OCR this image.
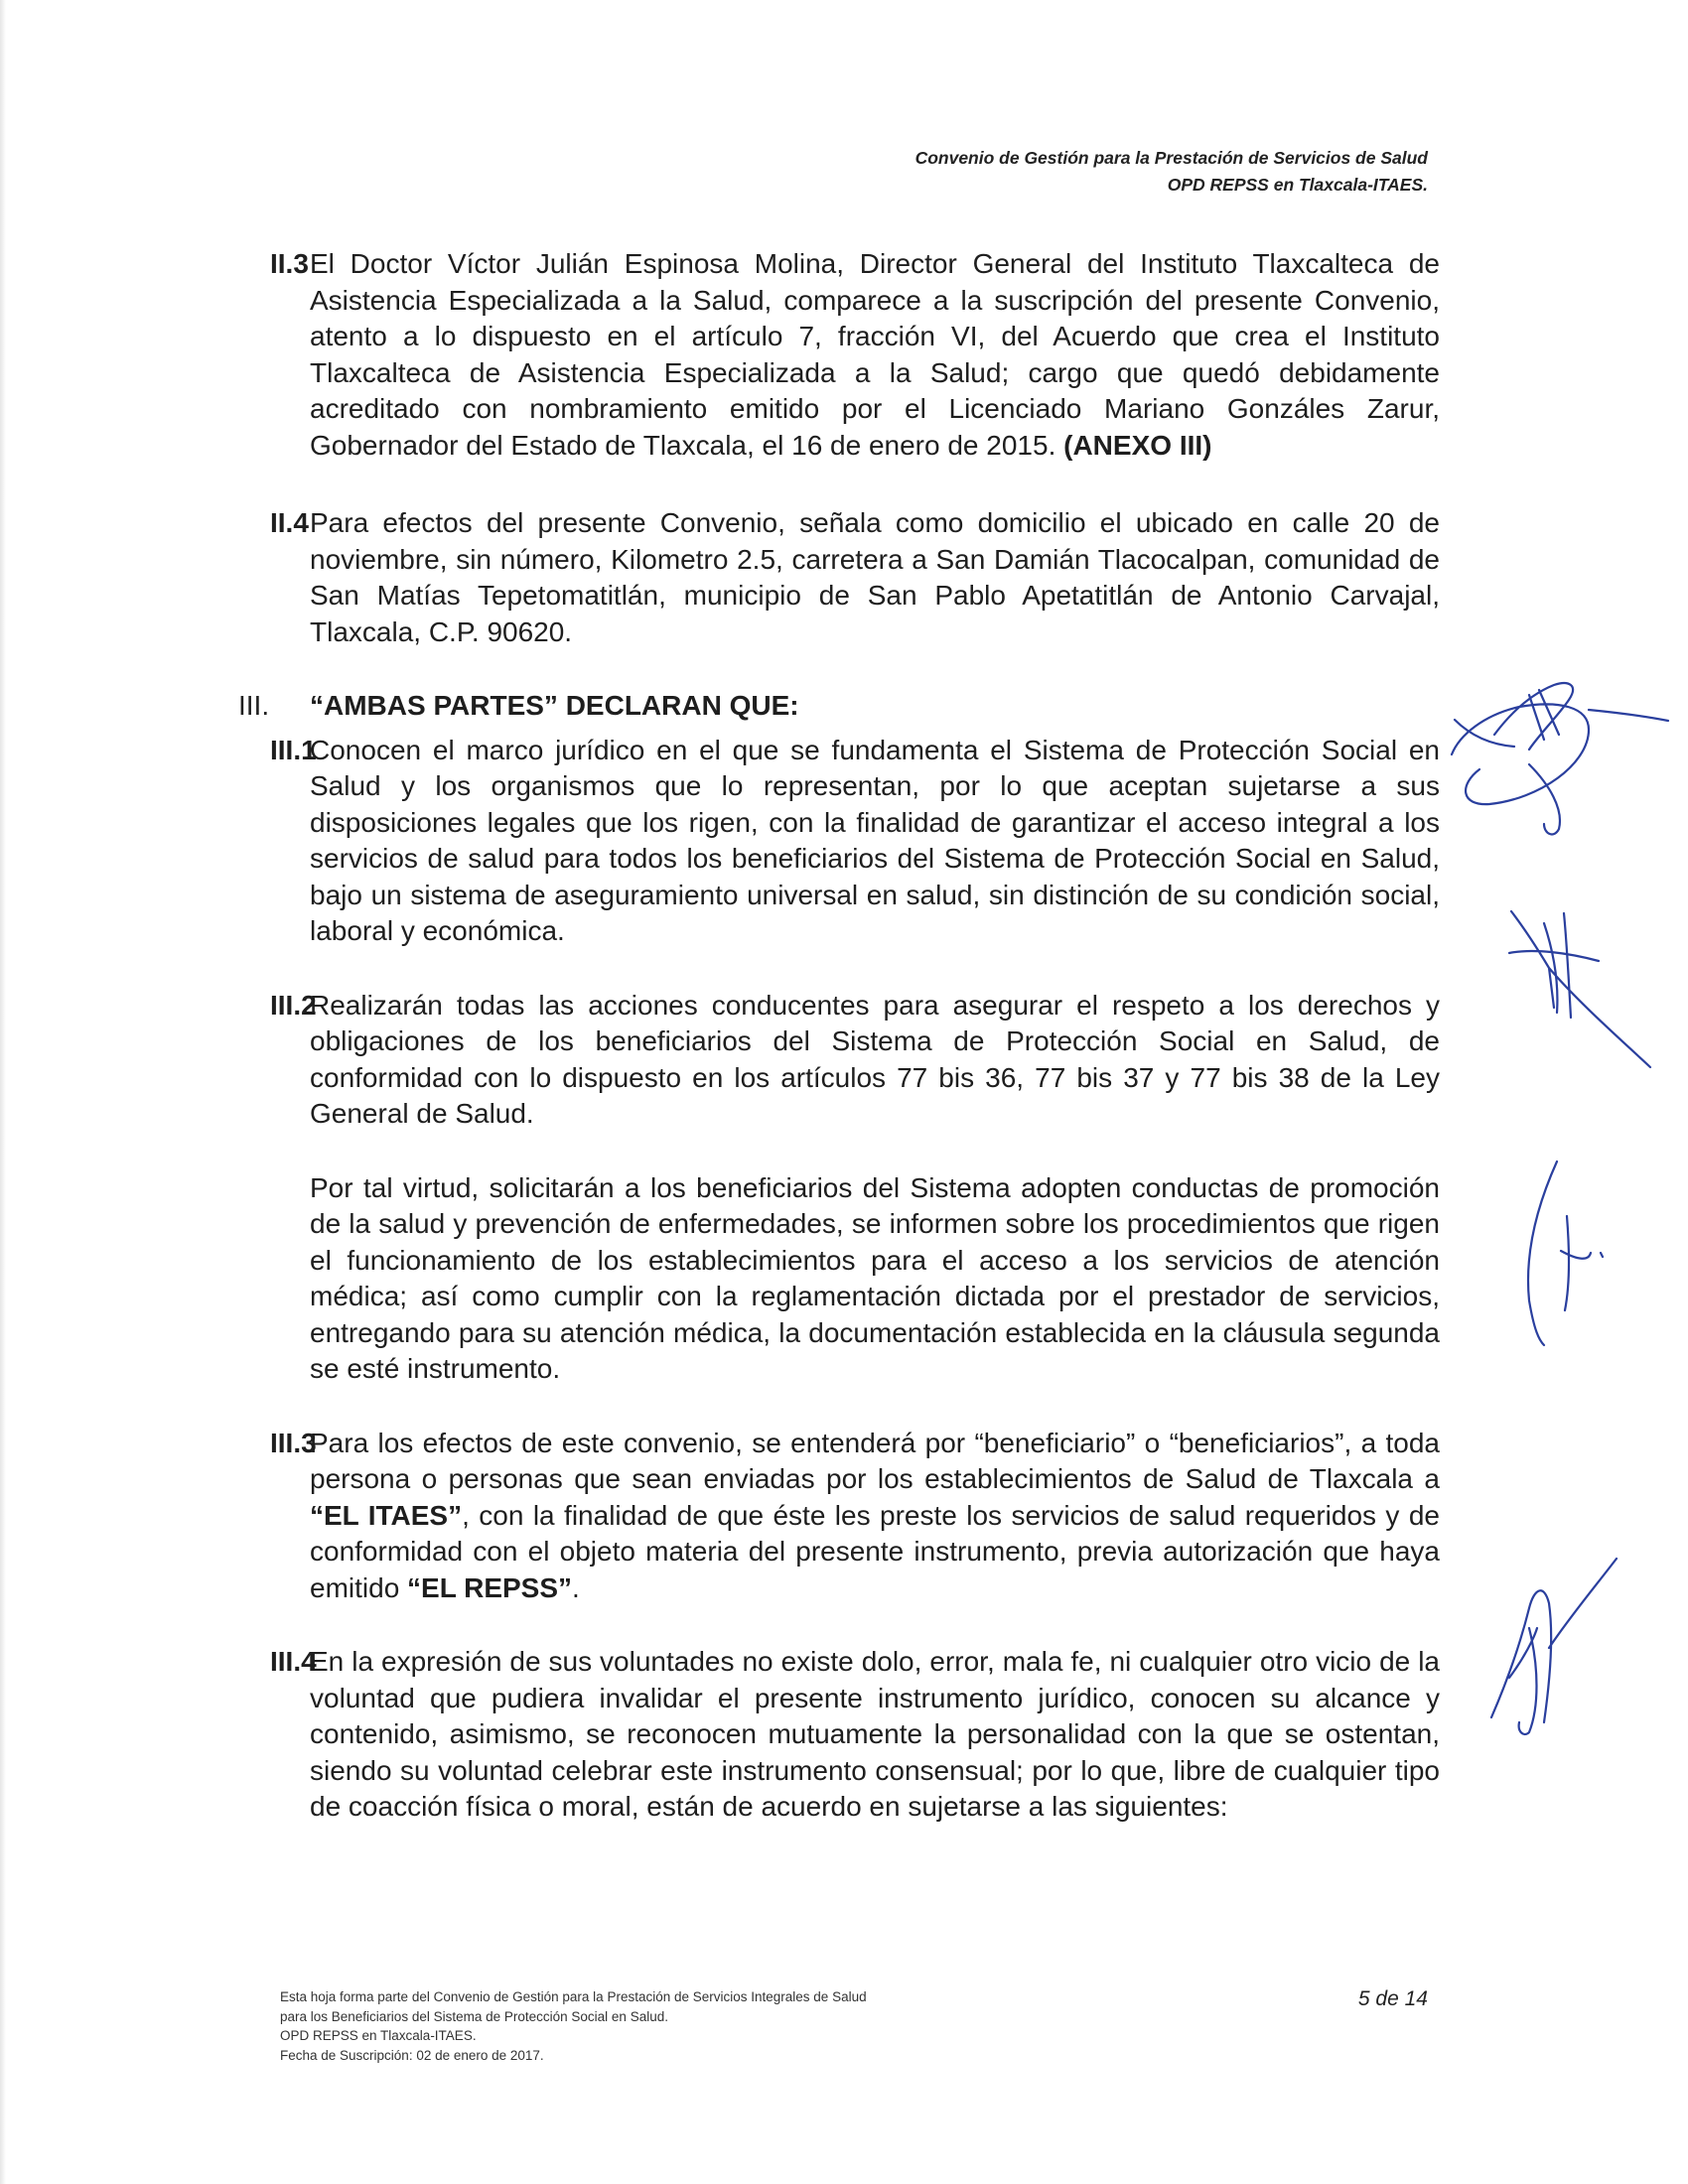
Convenio de Gestión para la Prestación de Servicios de Salud
OPD REPSS en Tlaxcala-ITAES.

II.3 El Doctor Víctor Julián Espinosa Molina, Director General del Instituto Tlaxcalteca de Asistencia Especializada a la Salud, comparece a la suscripción del presente Convenio, atento a lo dispuesto en el artículo 7, fracción VI, del Acuerdo que crea el Instituto Tlaxcalteca de Asistencia Especializada a la Salud; cargo que quedó debidamente acreditado con nombramiento emitido por el Licenciado Mariano Gonzáles Zarur, Gobernador del Estado de Tlaxcala, el 16 de enero de 2015. (ANEXO III)

II.4 Para efectos del presente Convenio, señala como domicilio el ubicado en calle 20 de noviembre, sin número, Kilometro 2.5, carretera a San Damián Tlacocalpan, comunidad de San Matías Tepetomatitlán, municipio de San Pablo Apetatitlán de Antonio Carvajal, Tlaxcala, C.P. 90620.

III. “AMBAS PARTES” DECLARAN QUE:

III.1
Conocen el marco jurídico en el que se fundamenta el Sistema de Protección Social en Salud y los organismos que lo representan, por lo que aceptan sujetarse a sus disposiciones legales que los rigen, con la finalidad de garantizar el acceso integral a los servicios de salud para todos los beneficiarios del Sistema de Protección Social en Salud, bajo un sistema de aseguramiento universal en salud, sin distinción de su condición social, laboral y económica.

III.2
Realizarán todas las acciones conducentes para asegurar el respeto a los derechos y obligaciones de los beneficiarios del Sistema de Protección Social en Salud, de conformidad con lo dispuesto en los artículos 77 bis 36, 77 bis 37 y 77 bis 38 de la Ley General de Salud.

Por tal virtud, solicitarán a los beneficiarios del Sistema adopten conductas de promoción de la salud y prevención de enfermedades, se informen sobre los procedimientos que rigen el funcionamiento de los establecimientos para el acceso a los servicios de atención médica; así como cumplir con la reglamentación dictada por el prestador de servicios, entregando para su atención médica, la documentación establecida en la cláusula segunda se esté instrumento.

III.3
Para los efectos de este convenio, se entenderá por “beneficiario” o “beneficiarios”, a toda persona o personas que sean enviadas por los establecimientos de Salud de Tlaxcala a “EL ITAES”, con la finalidad de que éste les preste los servicios de salud requeridos y de conformidad con el objeto materia del presente instrumento, previa autorización que haya emitido “EL REPSS”.

III.4
En la expresión de sus voluntades no existe dolo, error, mala fe, ni cualquier otro vicio de la voluntad que pudiera invalidar el presente instrumento jurídico, conocen su alcance y contenido, asimismo, se reconocen mutuamente la personalidad con la que se ostentan, siendo su voluntad celebrar este instrumento consensual; por lo que, libre de cualquier tipo de coacción física o moral, están de acuerdo en sujetarse a las siguientes:

Esta hoja forma parte del Convenio de Gestión para la Prestación de Servicios Integrales de Salud
para los Beneficiarios del Sistema de Protección Social en Salud.
OPD REPSS en Tlaxcala-ITAES.
Fecha de Suscripción: 02 de enero de 2017.
5 de 14
